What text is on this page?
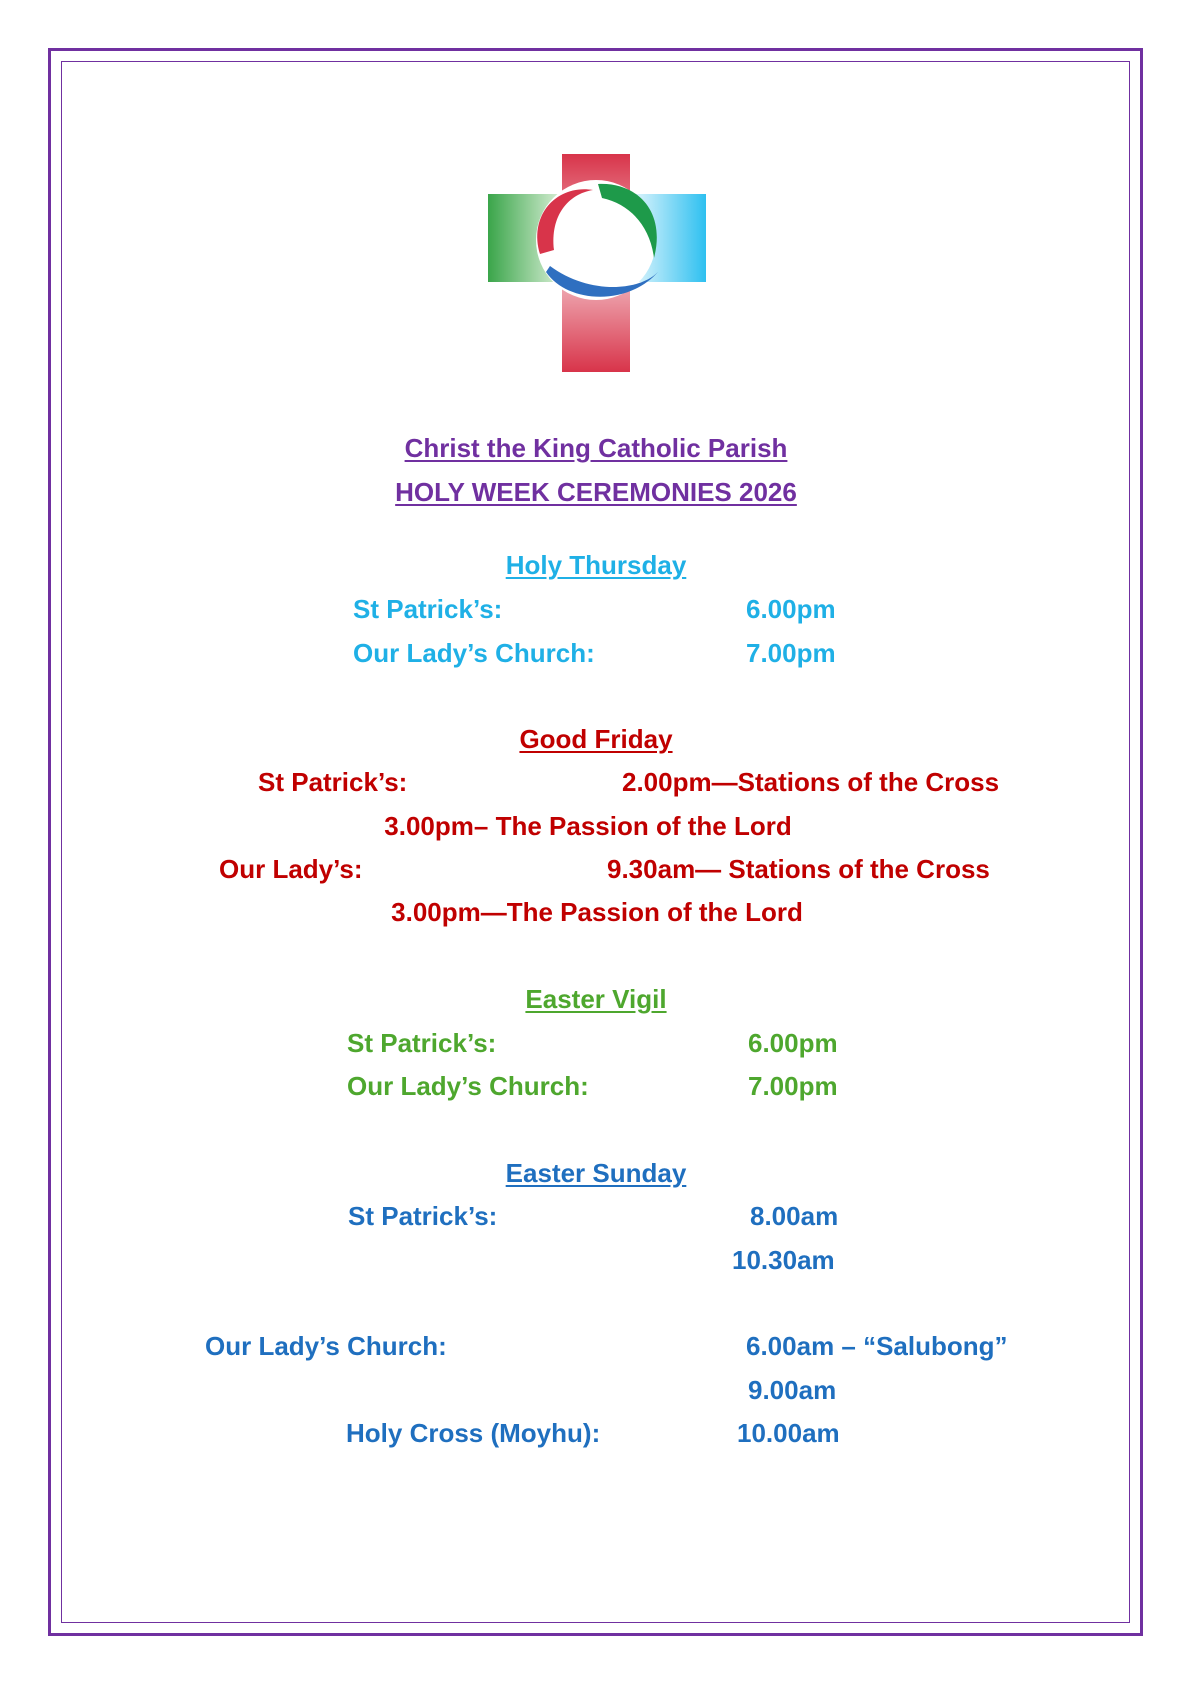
Christ the King Catholic Parish
HOLY WEEK CEREMONIES 2026
Holy Thursday
St Patrick’s:	6.00pm
Our Lady’s Church:	7.00pm
Good Friday
St Patrick’s:	2.00pm—Stations of the Cross
3.00pm– The Passion of the Lord
Our Lady’s:	9.30am— Stations of the Cross
3.00pm—The Passion of the Lord
Easter Vigil
St Patrick’s:	6.00pm
Our Lady’s Church:	7.00pm
Easter Sunday
St Patrick’s:	8.00am
10.30am
Our Lady’s Church:	6.00am – “Salubong”
9.00am
Holy Cross (Moyhu):	10.00am
